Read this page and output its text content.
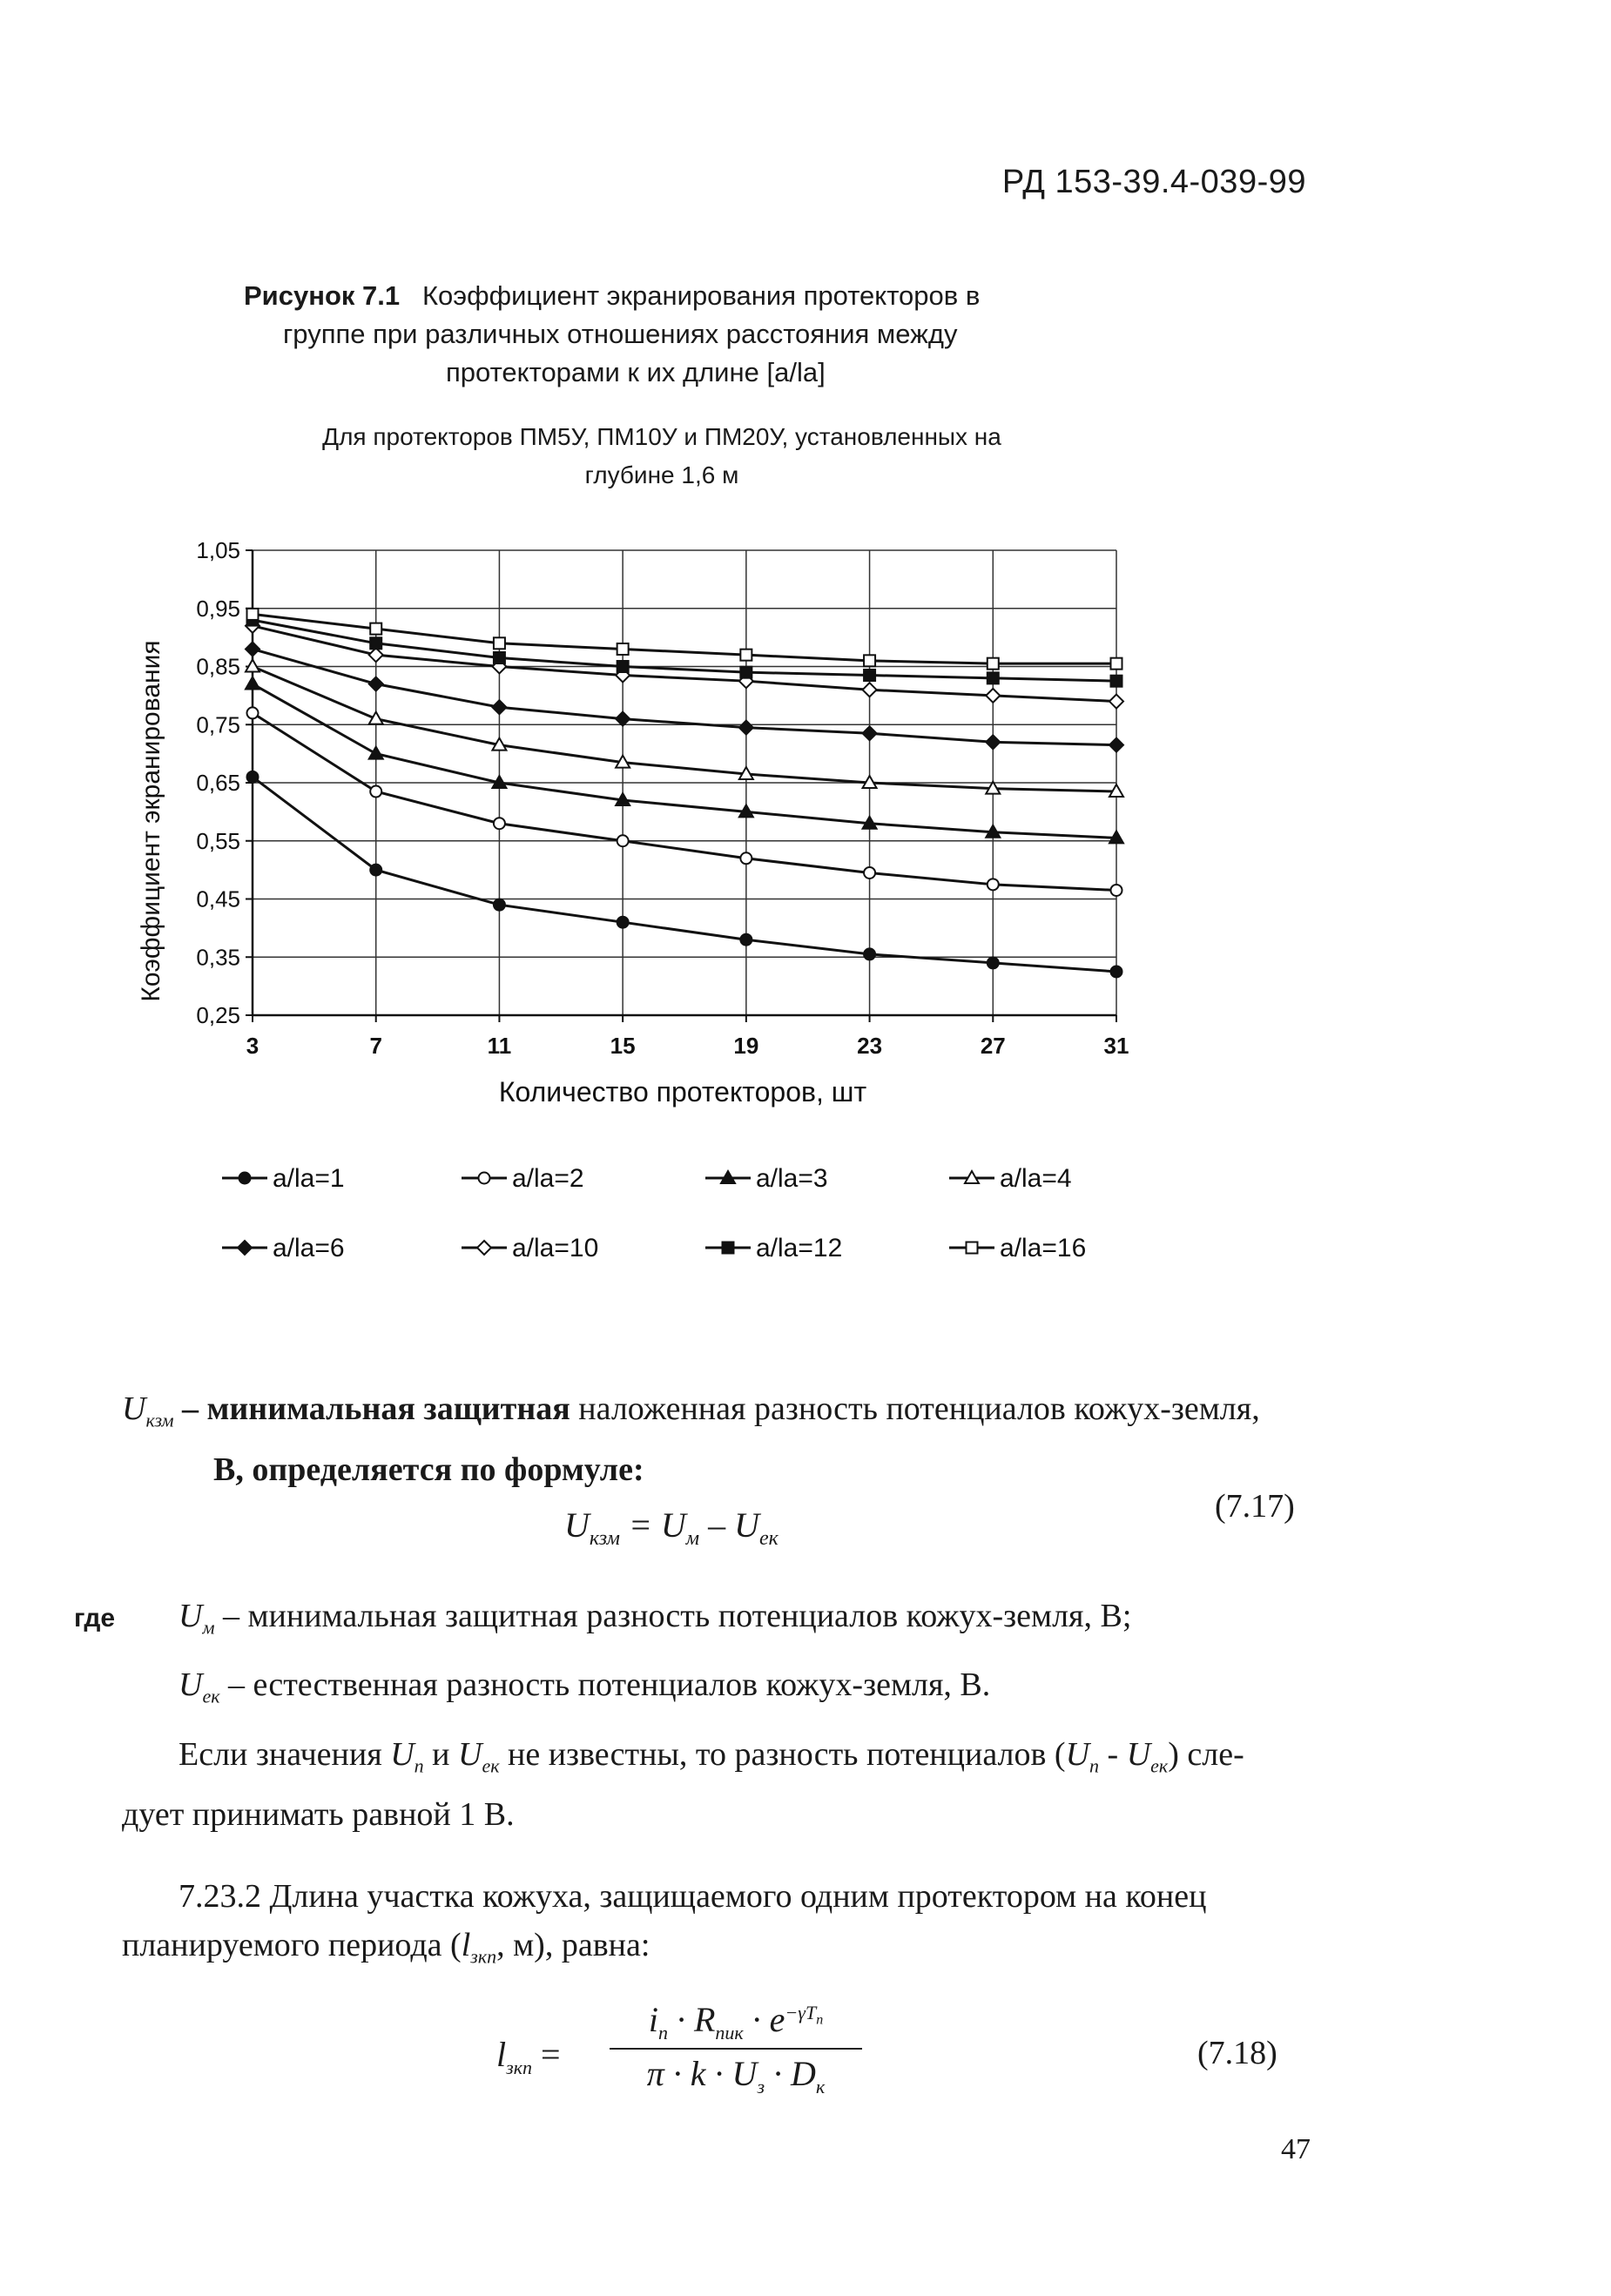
РД 153-39.4-039-99
Рисунок 7.1 Коэффициент экранирования протекторов в
группе при различных отношениях расстояния между
протекторами к их длине [a/la]
Для протекторов ПМ5У, ПМ10У и ПМ20У, установленных на
глубине 1,6 м
1,05
0,95
0,85
0,75
0,65
0,55
0,45
0,35
0,25
3	7	11	15	19	23	27	31
Коэффициент экранирования
Количество протекторов, шт
a/la=1	a/la=2	a/la=3	a/la=4
a/la=6	a/la=10	a/la=12	a/la=16
$U_{кзм}$ – минимальная защитная наложенная разность потенциалов кожух-земля,
В, определяется по формуле:
$U_{кзм} = U_м - U_{ек}$
(7.17)
где $U_м$ – минимальная защитная разность потенциалов кожух-земля, В;
$U_{ек}$ – естественная разность потенциалов кожух-земля, В.
Если значения $U_п$ и $U_{ек}$ не известны, то разность потенциалов $(U_п - U_{ек})$ сле-
дует принимать равной 1 В.
7.23.2 Длина участка кожуха, защищаемого одним протектором на конец
планируемого периода ($l_{зкп}$, м), равна:
$l_{зкп}$ =
$i_п \cdot R_{пик} \cdot e^{-\gamma T_п}$
$\pi \cdot k \cdot U_з \cdot D_к$
(7.18)
47
